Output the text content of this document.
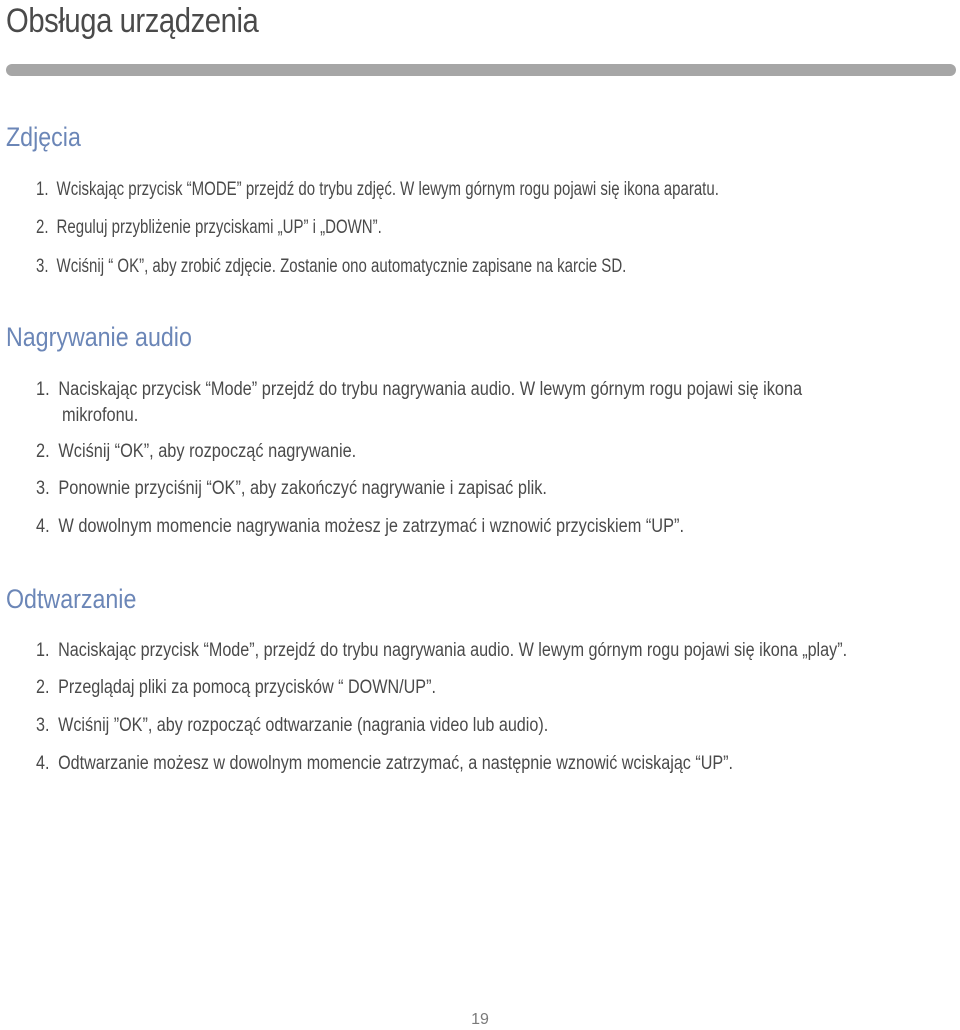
Obsługa urządzenia
Zdjęcia
1. Wciskając przycisk “MODE” przejdź do trybu zdjęć. W lewym górnym rogu pojawi się ikona aparatu.
2. Reguluj przybliżenie przyciskami „UP” i „DOWN”.
3. Wciśnij “ OK”, aby zrobić zdjęcie. Zostanie ono automatycznie zapisane na karcie SD.
Nagrywanie audio
1. Naciskając przycisk “Mode” przejdź do trybu nagrywania audio. W lewym górnym rogu pojawi się ikona
mikrofonu.
2. Wciśnij “OK”, aby rozpocząć nagrywanie.
3. Ponownie przyciśnij “OK”, aby zakończyć nagrywanie i zapisać plik.
4. W dowolnym momencie nagrywania możesz je zatrzymać i wznowić przyciskiem “UP”.
Odtwarzanie
1. Naciskając przycisk “Mode”, przejdź do trybu nagrywania audio. W lewym górnym rogu pojawi się ikona „play”.
2. Przeglądaj pliki za pomocą przycisków “ DOWN/UP”.
3. Wciśnij ”OK”, aby rozpocząć odtwarzanie (nagrania video lub audio).
4. Odtwarzanie możesz w dowolnym momencie zatrzymać, a następnie wznowić wciskając “UP”.
19
